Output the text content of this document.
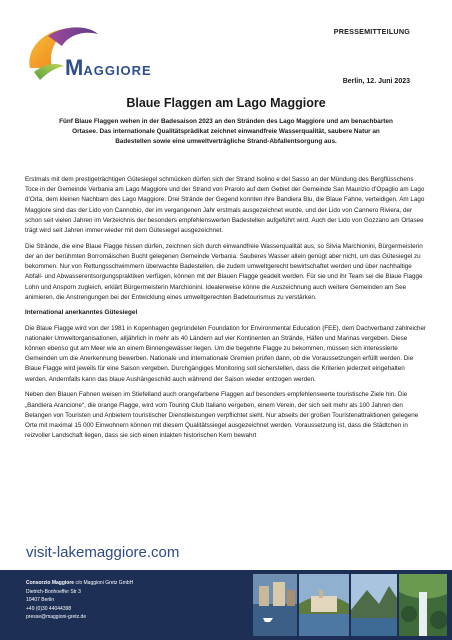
PRESSEMITTEILUNG
M AGGIORE
Berlin, 12. Juni 2023
Blaue Flaggen am Lago Maggiore
Fünf Blaue Flaggen wehen in der Badesaison 2023 an den Stränden des Lago Maggiore und am benachbarten Ortasee. Das internationale Qualitätsprädikat zeichnet einwandfreie Wasserqualität, saubere Natur an Badestellen sowie eine umweltverträgliche Strand-Abfallentsorgung aus.

Erstmals mit dem prestigeträchtigen Gütesiegel schmücken dürfen sich der Strand Isolino e del Sasso an der Mündung des Bergflüsschens Toce in der Gemeinde Verbania am Lago Maggiore und der Strand von Prarolo auf dem Gebiet der Gemeinde San Maurizio d’Opaglio am Lago d’Orta, dem kleinen Nachbarn des Lago Maggiore. Drei Strände der Gegend konnten ihre Bandiera Blu, die Blaue Fahne, verteidigen. Am Lago Maggiore sind das der Lido von Cannobio, der im vergangenen Jahr erstmals ausgezeichnet wurde, und der Lido von Cannero Riviera, der schon seit vielen Jahren im Verzeichnis der besonders empfehlenswerten Badestellen aufgeführt wird. Auch der Lido von Gozzano am Ortasee trägt wird seit Jahren immer wieder mit dem Gütesiegel ausgezeichnet.

Die Strände, die eine Blaue Flagge hissen dürfen, zeichnen sich durch einwandfreie Wasserqualität aus, so Silvia Marchionini, Bürgermeisterin der an der berühmten Borromäischen Bucht gelegenen Gemeinde Verbania. Sauberes Wasser allein genügt aber nicht, um das Gütesiegel zu bekommen. Nur von Rettungsschwimmern überwachte Badestellen, die zudem umweltgerecht bewirtschaftet werden und über nachhaltige Abfall- und Abwasserentsorgungspraktiken verfügen, können mit der Blauen Flagge geadelt werden. Für sie und ihr Team sei die Blaue Flagge Lohn und Ansporn zugleich, erklärt Bürgermeisterin Marchionini. Idealerweise könne die Auszeichnung auch weitere Gemeinden am See animieren, die Anstrengungen bei der Entwicklung eines umweltgerechten Badetourismus zu verstärken.

International anerkanntes Gütesiegel

Die Blaue Flagge wird von der 1981 in Kopenhagen gegründeten Foundation for Environmental Education (FEE), dem Dachverband zahlreicher nationaler Umweltorganisationen, alljährlich in mehr als 40 Ländern auf vier Kontinenten an Strände, Häfen und Marinas vergeben. Diese können ebenso gut am Meer wie an einem Binnengewässer liegen. Um die begehrte Flagge zu bekommen, müssen sich interessierte Gemeinden um die Anerkennung bewerben. Nationale und internationale Gremien prüfen dann, ob die Voraussetzungen erfüllt werden. Die Blaue Flagge wird jeweils für eine Saison vergeben. Durchgängiges Monitoring soll sicherstellen, dass die Kriterien jederzeit eingehalten werden. Andernfalls kann das blaue Aushängeschild auch während der Saison wieder entzogen werden.

Neben den Blauen Fahnen weisen im Stiefelland auch orangefarbene Flaggen auf besonders empfehlenswerte touristische Ziele hin. Die „Bandiera Arancione“, die orange Flagge, wird vom Touring Club Italiano vergeben, einem Verein, der sich seit mehr als 100 Jahren den Belangen von Touristen und Anbietern touristischer Dienstleistungen verpflichtet sieht. Nur abseits der großen Touristenattraktionen gelegene Orte mit maximal 15 000 Einwohnern können mit diesem Qualitätssiegel ausgezeichnet werden. Voraussetzung ist, dass die Städtchen in reizvoller Landschaft liegen, dass sie sich einen intakten historischen Kern bewahrt

visit-lakemaggiore.com
Consorzio Maggiore c/o Maggioni Gretz GmbH
Dietrich-Bonhoeffer Str 3
10407 Berlin
+49 (0)30 44044398
presse@maggioni-gretz.de
